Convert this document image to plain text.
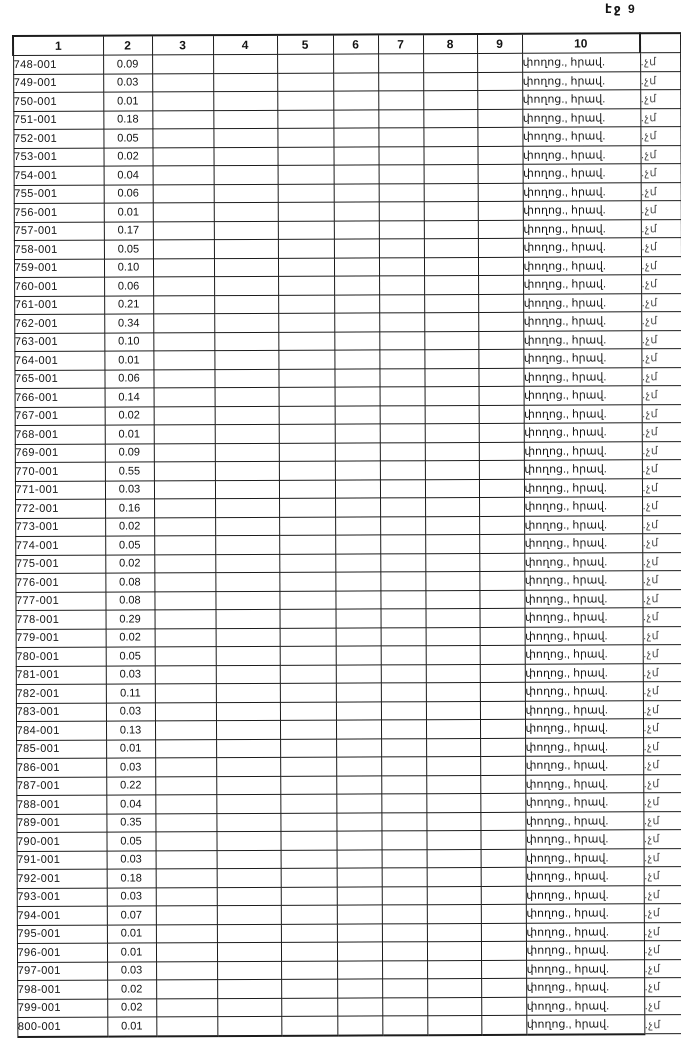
էջ 9
1	2	3	4	5	6	7	8	9	10	
748-001	0.09								փողոց., հրավ.	.չմ
749-001	0.03								փողոց., հրավ.	.չմ
750-001	0.01								փողոց., հրավ.	.չմ
751-001	0.18								փողոց., հրավ.	.չմ
752-001	0.05								փողոց., հրավ.	.չմ
753-001	0.02								փողոց., հրավ.	.չմ
754-001	0.04								փողոց., հրավ.	.չմ
755-001	0.06								փողոց., հրավ.	.չմ
756-001	0.01								փողոց., հրավ.	.չմ
757-001	0.17								փողոց., հրավ.	.չմ
758-001	0.05								փողոց., հրավ.	.չմ
759-001	0.10								փողոց., հրավ.	.չմ
760-001	0.06								փողոց., հրավ.	.չմ
761-001	0.21								փողոց., հրավ.	.չմ
762-001	0.34								փողոց., հրավ.	.չմ
763-001	0.10								փողոց., հրավ.	.չմ
764-001	0.01								փողոց., հրավ.	.չմ
765-001	0.06								փողոց., հրավ.	.չմ
766-001	0.14								փողոց., հրավ.	.չմ
767-001	0.02								փողոց., հրավ.	.չմ
768-001	0.01								փողոց., հրավ.	.չմ
769-001	0.09								փողոց., հրավ.	.չմ
770-001	0.55								փողոց., հրավ.	.չմ
771-001	0.03								փողոց., հրավ.	.չմ
772-001	0.16								փողոց., հրավ.	.չմ
773-001	0.02								փողոց., հրավ.	.չմ
774-001	0.05								փողոց., հրավ.	.չմ
775-001	0.02								փողոց., հրավ.	.չմ
776-001	0.08								փողոց., հրավ.	.չմ
777-001	0.08								փողոց., հրավ.	.չմ
778-001	0.29								փողոց., հրավ.	.չմ
779-001	0.02								փողոց., հրավ.	.չմ
780-001	0.05								փողոց., հրավ.	.չմ
781-001	0.03								փողոց., հրավ.	.չմ
782-001	0.11								փողոց., հրավ.	.չմ
783-001	0.03								փողոց., հրավ.	.չմ
784-001	0.13								փողոց., հրավ.	.չմ
785-001	0.01								փողոց., հրավ.	.չմ
786-001	0.03								փողոց., հրավ.	.չմ
787-001	0.22								փողոց., հրավ.	.չմ
788-001	0.04								փողոց., հրավ.	.չմ
789-001	0.35								փողոց., հրավ.	.չմ
790-001	0.05								փողոց., հրավ.	.չմ
791-001	0.03								փողոց., հրավ.	.չմ
792-001	0.18								փողոց., հրավ.	.չմ
793-001	0.03								փողոց., հրավ.	.չմ
794-001	0.07								փողոց., հրավ.	.չմ
795-001	0.01								փողոց., հրավ.	.չմ
796-001	0.01								փողոց., հրավ.	.չմ
797-001	0.03								փողոց., հրավ.	.չմ
798-001	0.02								փողոց., հրավ.	.չմ
799-001	0.02								փողոց., հրավ.	.չմ
800-001	0.01								փողոց., հրավ.	.չմ
